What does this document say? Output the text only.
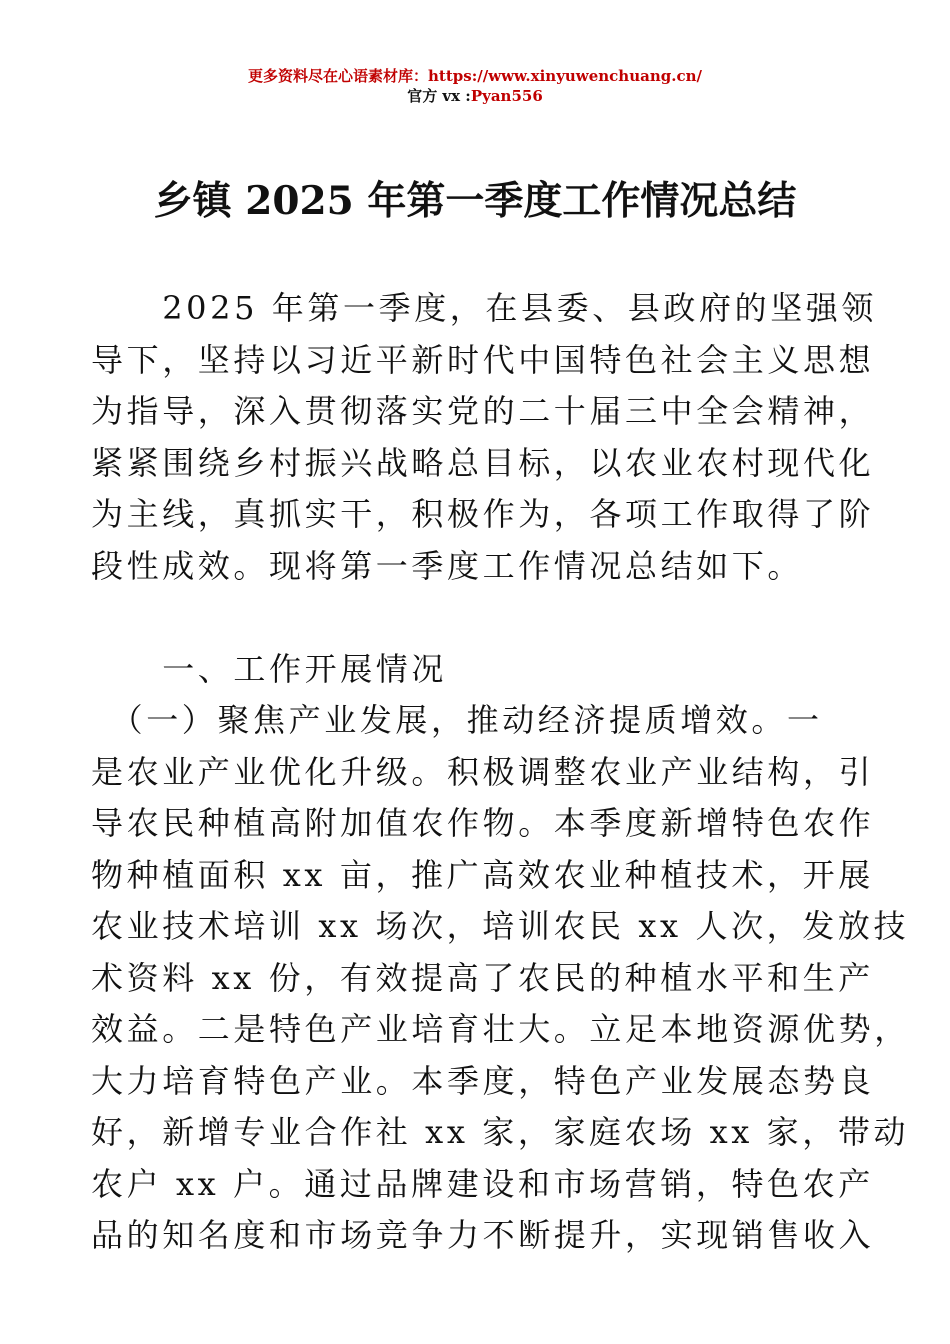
更多资料尽在心语素材库：https://www.xinyuwenchuang.cn/
官方 vx :Pyan556
乡镇 2025 年第一季度工作情况总结
　　2025 年第一季度，在县委、县政府的坚强领
导下，坚持以习近平新时代中国特色社会主义思想
为指导，深入贯彻落实党的二十届三中全会精神，
紧紧围绕乡村振兴战略总目标，以农业农村现代化
为主线，真抓实干，积极作为，各项工作取得了阶
段性成效。现将第一季度工作情况总结如下。
　　一、工作开展情况
　（一）聚焦产业发展，推动经济提质增效。一
是农业产业优化升级。积极调整农业产业结构，引
导农民种植高附加值农作物。本季度新增特色农作
物种植面积 xx 亩，推广高效农业种植技术，开展
农业技术培训 xx 场次，培训农民 xx 人次，发放技
术资料 xx 份，有效提高了农民的种植水平和生产
效益。二是特色产业培育壮大。立足本地资源优势，
大力培育特色产业。本季度，特色产业发展态势良
好，新增专业合作社 xx 家，家庭农场 xx 家，带动
农户 xx 户。通过品牌建设和市场营销，特色农产
品的知名度和市场竞争力不断提升，实现销售收入
